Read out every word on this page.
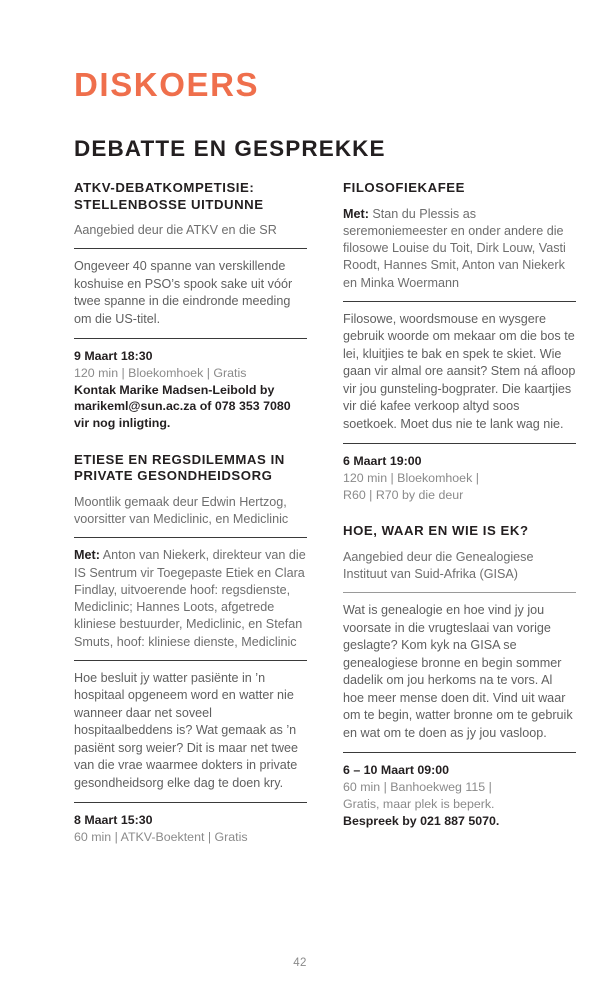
DISKOERS
DEBATTE EN GESPREKKE
ATKV-DEBATKOMPETISIE: STELLENBOSSE UITDUNNE
Aangebied deur die ATKV en die SR
Ongeveer 40 spanne van verskillende koshuise en PSO’s spook sake uit vóór twee spanne in die eindronde meeding om die US-titel.
9 Maart 18:30
120 min | Bloekomhoek | Gratis
Kontak Marike Madsen-Leibold by marikeml@sun.ac.za of 078 353 7080 vir nog inligting.
ETIESE EN REGSDILEMMAS IN PRIVATE GESONDHEIDSORG
Moontlik gemaak deur Edwin Hertzog, voorsitter van Mediclinic, en Mediclinic
Met: Anton van Niekerk, direkteur van die IS Sentrum vir Toegepaste Etiek en Clara Findlay, uitvoerende hoof: regsdienste, Mediclinic; Hannes Loots, afgetrede kliniese bestuurder, Mediclinic, en Stefan Smuts, hoof: kliniese dienste, Mediclinic
Hoe besluit jy watter pasiënte in ’n hospitaal opgeneem word en watter nie wanneer daar net soveel hospitaalbeddens is? Wat gemaak as ’n pasiënt sorg weier? Dit is maar net twee van die vrae waarmee dokters in private gesondheidsorg elke dag te doen kry.
8 Maart 15:30
60 min | ATKV-Boektent | Gratis
FILOSOFIEKAFEE
Met: Stan du Plessis as seremoniemeester en onder andere die filosowe Louise du Toit, Dirk Louw, Vasti Roodt, Hannes Smit, Anton van Niekerk en Minka Woermann
Filosowe, woordsmouse en wysgere gebruik woorde om mekaar om die bos te lei, kluitjies te bak en spek te skiet. Wie gaan vir almal ore aansit? Stem ná afloop vir jou gunsteling-bogprater. Die kaartjies vir dié kafee verkoop altyd soos soetkoek. Moet dus nie te lank wag nie.
6 Maart 19:00
120 min | Bloekomhoek |
R60 | R70 by die deur
HOE, WAAR EN WIE IS EK?
Aangebied deur die Genealogiese Instituut van Suid-Afrika (GISA)
Wat is genealogie en hoe vind jy jou voorsate in die vrugteslaai van vorige geslagte? Kom kyk na GISA se genealogiese bronne en begin sommer dadelik om jou herkoms na te vors. Al hoe meer mense doen dit. Vind uit waar om te begin, watter bronne om te gebruik en wat om te doen as jy jou vasloop.
6 – 10 Maart 09:00
60 min | Banhoekweg 115 |
Gratis, maar plek is beperk.
Bespreek by 021 887 5070.
42
